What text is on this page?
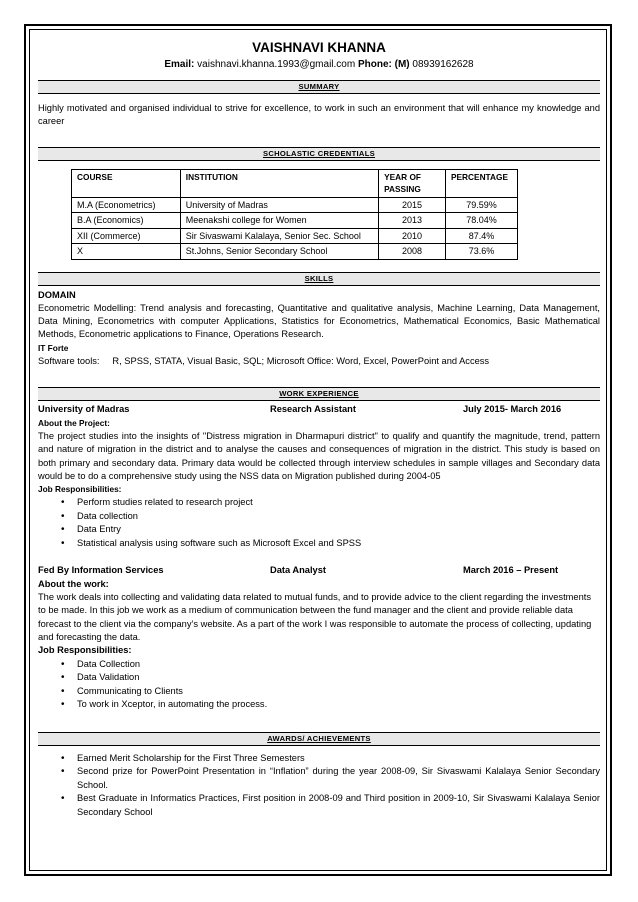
VAISHNAVI KHANNA
Email: vaishnavi.khanna.1993@gmail.com Phone: (M) 08939162628
SUMMARY
Highly motivated and organised individual to strive for excellence, to work in such an environment that will enhance my knowledge and career
SCHOLASTIC CREDENTIALS
COURSE	INSTITUTION	YEAR OF PASSING	PERCENTAGE
M.A (Econometrics)	University of Madras	2015	79.59%
B.A (Economics)	Meenakshi college for Women	2013	78.04%
XII (Commerce)	Sir Sivaswami Kalalaya, Senior Sec. School	2010	87.4%
X	St.Johns, Senior Secondary School	2008	73.6%
SKILLS
DOMAIN
Econometric Modelling: Trend analysis and forecasting, Quantitative and qualitative analysis, Machine Learning, Data Management, Data Mining, Econometrics with computer Applications, Statistics for Econometrics, Mathematical Economics, Basic Mathematical Methods, Econometric applications to Finance, Operations Research.
IT Forte
Software tools:     R, SPSS, STATA, Visual Basic, SQL; Microsoft Office: Word, Excel, PowerPoint and Access
WORK EXPERIENCE
University of Madras	Research Assistant	July 2015- March 2016
About the Project:
The project studies into the insights of "Distress migration in Dharmapuri district" to qualify and quantify the magnitude, trend, pattern and nature of migration in the district and to analyse the causes and consequences of migration in the district. This study is based on both primary and secondary data. Primary data would be collected through interview schedules in sample villages and Secondary data would be to do a comprehensive study using the NSS data on Migration published during 2004-05
Job Responsibilities:
• Perform studies related to research project
• Data collection
• Data Entry
• Statistical analysis using software such as Microsoft Excel and SPSS
Fed By Information Services	Data Analyst	March 2016 – Present
About the work:
The work deals into collecting and validating data related to mutual funds, and to provide advice to the client regarding the investments to be made. In this job we work as a medium of communication between the fund manager and the client and provide reliable data forecast to the client via the company’s website. As a part of the work I was responsible to automate the process of collecting, updating and forecasting the data.
Job Responsibilities:
• Data Collection
• Data Validation
• Communicating to Clients
• To work in Xceptor, in automating the process.
AWARDS/ ACHIEVEMENTS
• Earned Merit Scholarship for the First Three Semesters
• Second prize for PowerPoint Presentation in “Inflation” during the year 2008-09, Sir Sivaswami Kalalaya Senior Secondary School.
• Best Graduate in Informatics Practices, First position in 2008-09 and Third position in 2009-10, Sir Sivaswami Kalalaya Senior Secondary School
